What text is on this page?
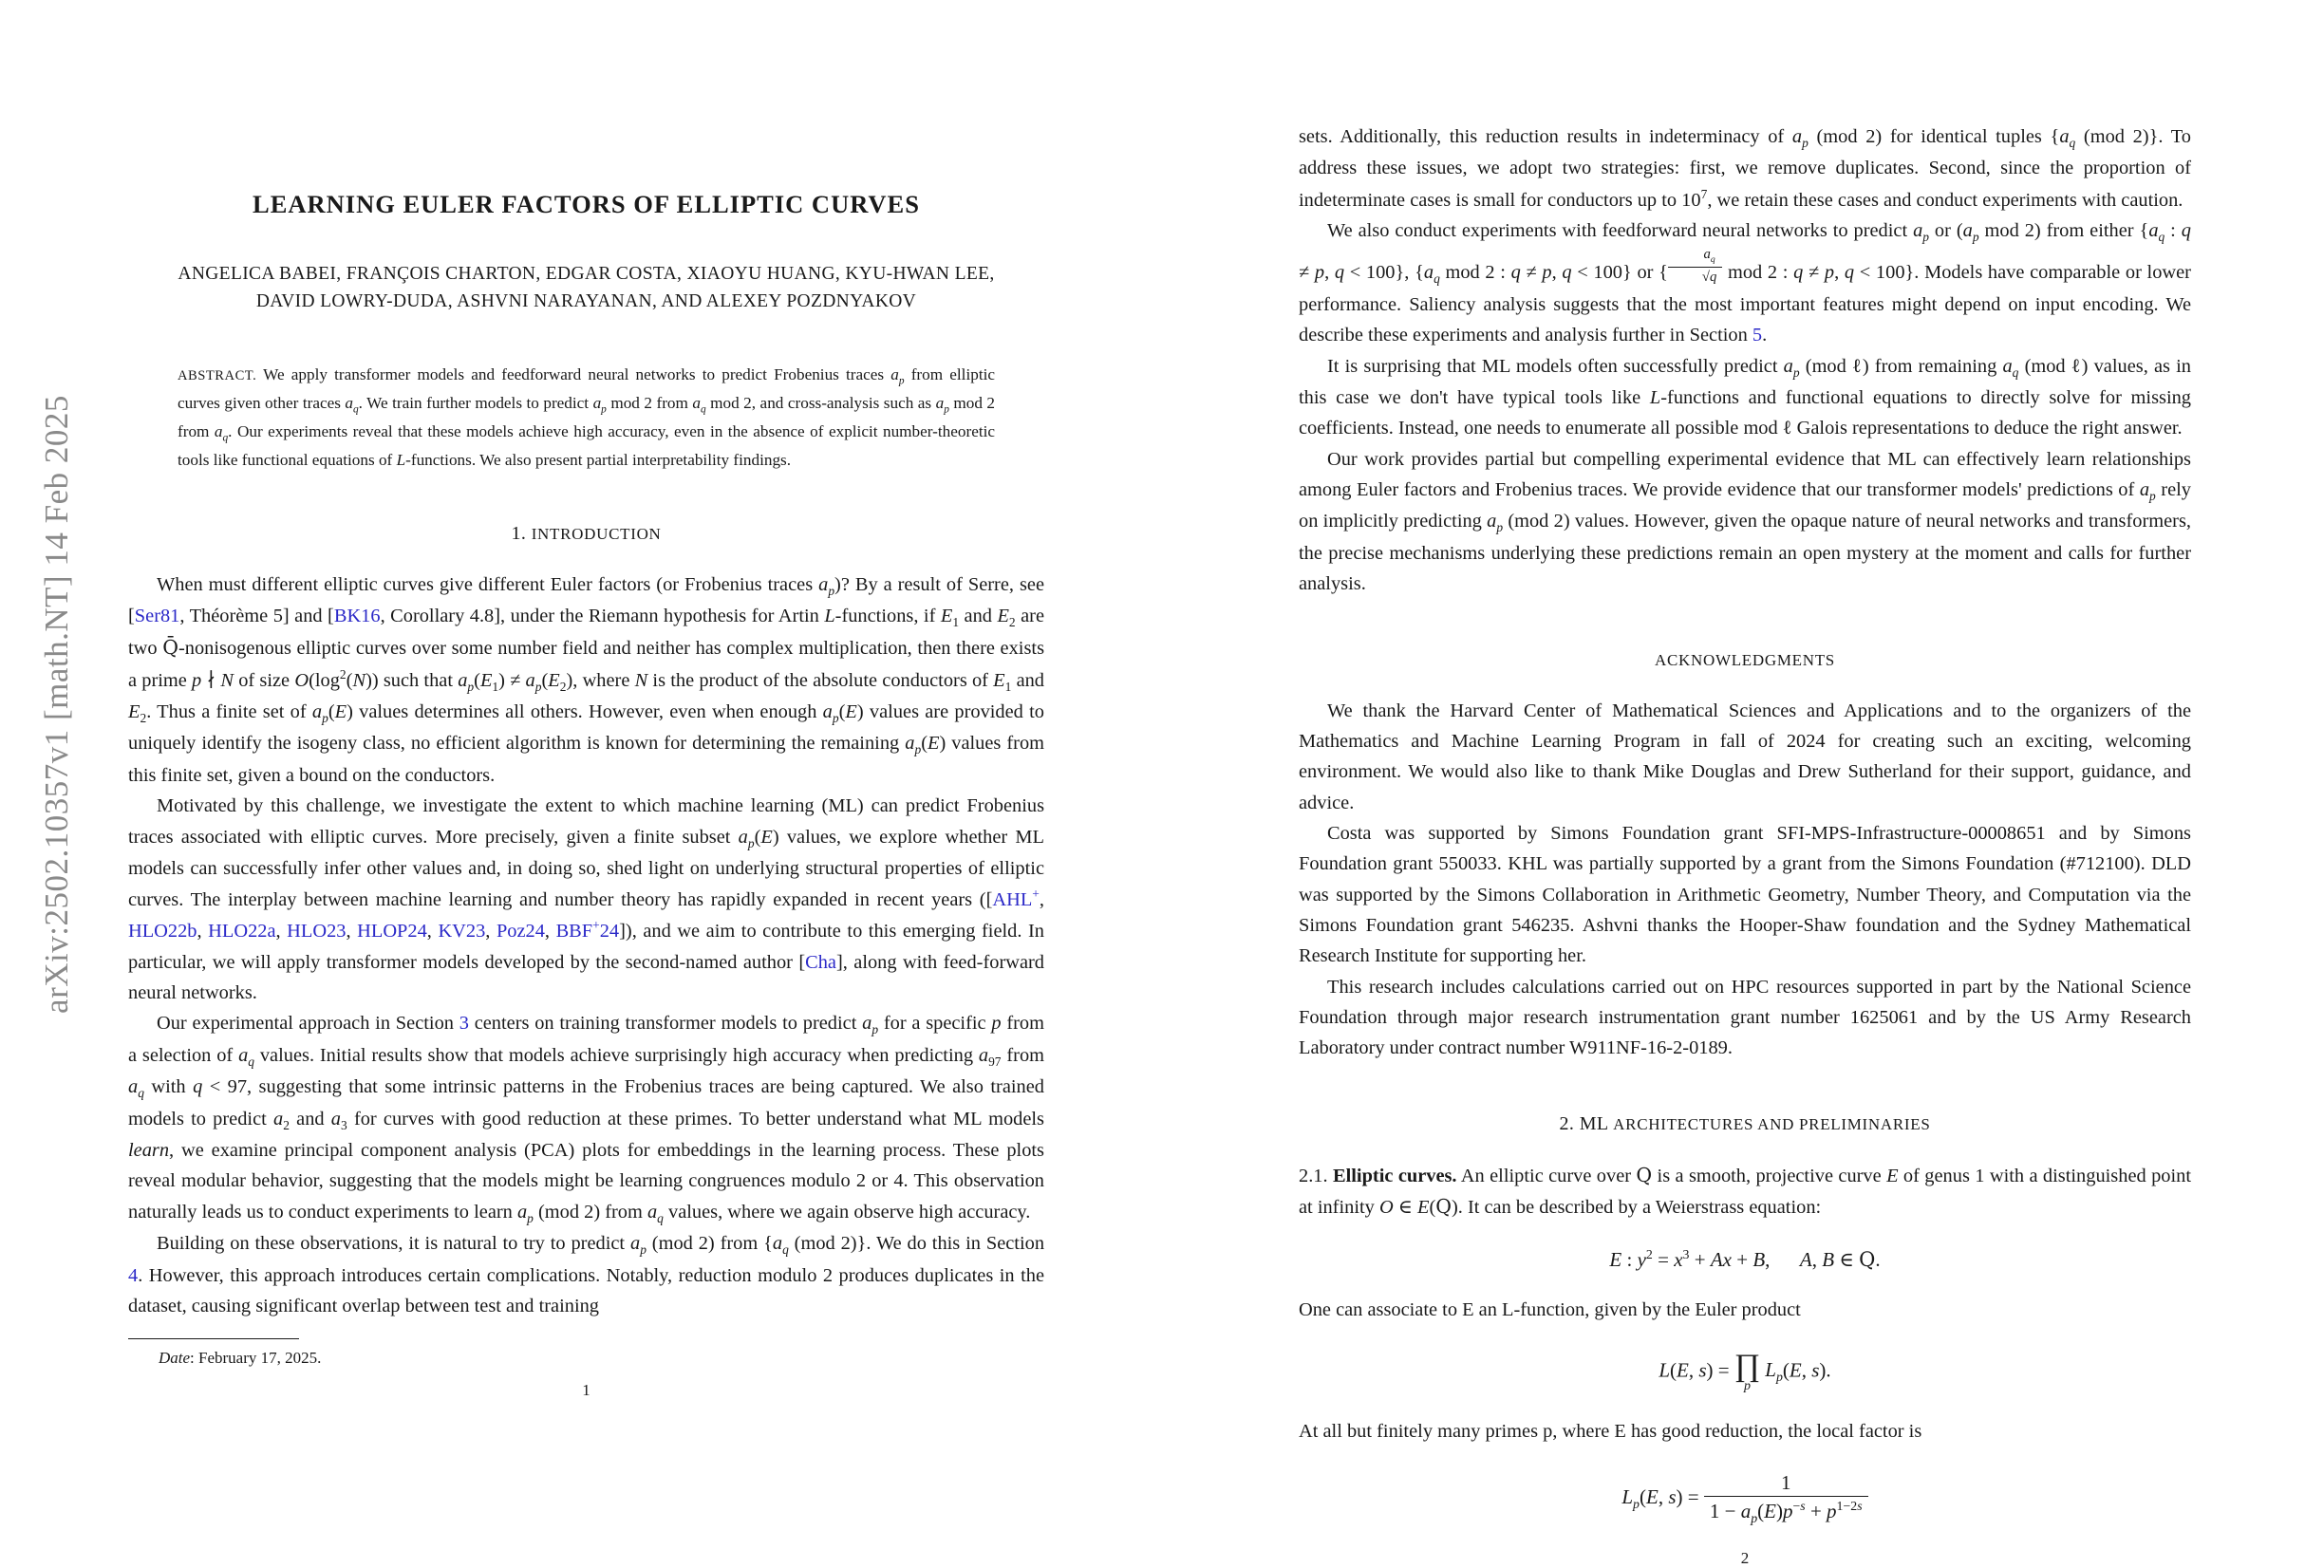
arXiv:2502.10357v1 [math.NT] 14 Feb 2025
LEARNING EULER FACTORS OF ELLIPTIC CURVES
ANGELICA BABEI, FRANÇOIS CHARTON, EDGAR COSTA, XIAOYU HUANG, KYU-HWAN LEE,
DAVID LOWRY-DUDA, ASHVNI NARAYANAN, AND ALEXEY POZDNYAKOV
ABSTRACT. We apply transformer models and feedforward neural networks to predict Frobenius traces $a_p$ from elliptic curves given other traces $a_q$. We train further models to predict $a_p$ mod 2 from $a_q$ mod 2, and cross-analysis such as $a_p$ mod 2 from $a_q$. Our experiments reveal that these models achieve high accuracy, even in the absence of explicit number-theoretic tools like functional equations of L-functions. We also present partial interpretability findings.
1. INTRODUCTION

When must different elliptic curves give different Euler factors (or Frobenius traces $a_p$)? By a result of Serre, see [Ser81, Théorème 5] and [BK16, Corollary 4.8], under the Riemann hypothesis for Artin L-functions, if $E_1$ and $E_2$ are two Q̄-nonisogenous elliptic curves over some number field and neither has complex multiplication, then there exists a prime p ∤ N of size $O(\log^2(N))$ such that $a_p(E_1) \ne a_p(E_2)$, where N is the product of the absolute conductors of $E_1$ and $E_2$. Thus a finite set of $a_p(E)$ values determines all others. However, even when enough $a_p(E)$ values are provided to uniquely identify the isogeny class, no efficient algorithm is known for determining the remaining $a_p(E)$ values from this finite set, given a bound on the conductors.

Motivated by this challenge, we investigate the extent to which machine learning (ML) can predict Frobenius traces associated with elliptic curves. More precisely, given a finite subset $a_p(E)$ values, we explore whether ML models can successfully infer other values and, in doing so, shed light on underlying structural properties of elliptic curves. The interplay between machine learning and number theory has rapidly expanded in recent years ([AHL+, HLO22b, HLO22a, HLO23, HLOP24, KV23, Poz24, BBF+24]), and we aim to contribute to this emerging field. In particular, we will apply transformer models developed by the second-named author [Cha], along with feed-forward neural networks.

Our experimental approach in Section 3 centers on training transformer models to predict $a_p$ for a specific p from a selection of $a_q$ values. Initial results show that models achieve surprisingly high accuracy when predicting $a_{97}$ from $a_q$ with q < 97, suggesting that some intrinsic patterns in the Frobenius traces are being captured. We also trained models to predict $a_2$ and $a_3$ for curves with good reduction at these primes. To better understand what ML models learn, we examine principal component analysis (PCA) plots for embeddings in the learning process. These plots reveal modular behavior, suggesting that the models might be learning congruences modulo 2 or 4. This observation naturally leads us to conduct experiments to learn $a_p$ (mod 2) from $a_q$ values, where we again observe high accuracy.

Building on these observations, it is natural to try to predict $a_p$ (mod 2) from {$a_q$ (mod 2)}. We do this in Section 4. However, this approach introduces certain complications. Notably, reduction modulo 2 produces duplicates in the dataset, causing significant overlap between test and training

Date: February 17, 2025.
1

sets. Additionally, this reduction results in indeterminacy of $a_p$ (mod 2) for identical tuples {$a_q$ (mod 2)}. To address these issues, we adopt two strategies: first, we remove duplicates. Second, since the proportion of indeterminate cases is small for conductors up to $10^7$, we retain these cases and conduct experiments with caution.

We also conduct experiments with feedforward neural networks to predict $a_p$ or ($a_p$ mod 2) from either {$a_q$ : q ≠ p, q < 100}, {$a_q$ mod 2 : q ≠ p, q < 100} or { $\frac{a_q}{√q}$ mod 2 : q ≠ p, q < 100}. Models have comparable or lower performance. Saliency analysis suggests that the most important features might depend on input encoding. We describe these experiments and analysis further in Section 5.

It is surprising that ML models often successfully predict $a_p$ (mod ℓ) from remaining $a_q$ (mod ℓ) values, as in this case we don't have typical tools like L-functions and functional equations to directly solve for missing coefficients. Instead, one needs to enumerate all possible mod ℓ Galois representations to deduce the right answer.

Our work provides partial but compelling experimental evidence that ML can effectively learn relationships among Euler factors and Frobenius traces. We provide evidence that our transformer models' predictions of $a_p$ rely on implicitly predicting $a_p$ (mod 2) values. However, given the opaque nature of neural networks and transformers, the precise mechanisms underlying these predictions remain an open mystery at the moment and calls for further analysis.

ACKNOWLEDGMENTS

We thank the Harvard Center of Mathematical Sciences and Applications and to the organizers of the Mathematics and Machine Learning Program in fall of 2024 for creating such an exciting, welcoming environment. We would also like to thank Mike Douglas and Drew Sutherland for their support, guidance, and advice.

Costa was supported by Simons Foundation grant SFI-MPS-Infrastructure-00008651 and by Simons Foundation grant 550033. KHL was partially supported by a grant from the Simons Foundation (#712100). DLD was supported by the Simons Collaboration in Arithmetic Geometry, Number Theory, and Computation via the Simons Foundation grant 546235. Ashvni thanks the Hooper-Shaw foundation and the Sydney Mathematical Research Institute for supporting her.

This research includes calculations carried out on HPC resources supported in part by the National Science Foundation through major research instrumentation grant number 1625061 and by the US Army Research Laboratory under contract number W911NF-16-2-0189.

2. ML ARCHITECTURES AND PRELIMINARIES

2.1. Elliptic curves. An elliptic curve over Q is a smooth, projective curve E of genus 1 with a distinguished point at infinity O ∈ E(Q). It can be described by a Weierstrass equation:

E : $y^2 = x^3 + Ax + B$,      A, B ∈ Q.

One can associate to E an L-function, given by the Euler product

L(E, s) = ∏
p
$L_p(E$, s).

At all but finitely many primes p, where E has good reduction, the local factor is

$L_p(E$, $s) = \frac{1}{1 - a_p(E)p^{-s} + p^{1-2s}}$
2
